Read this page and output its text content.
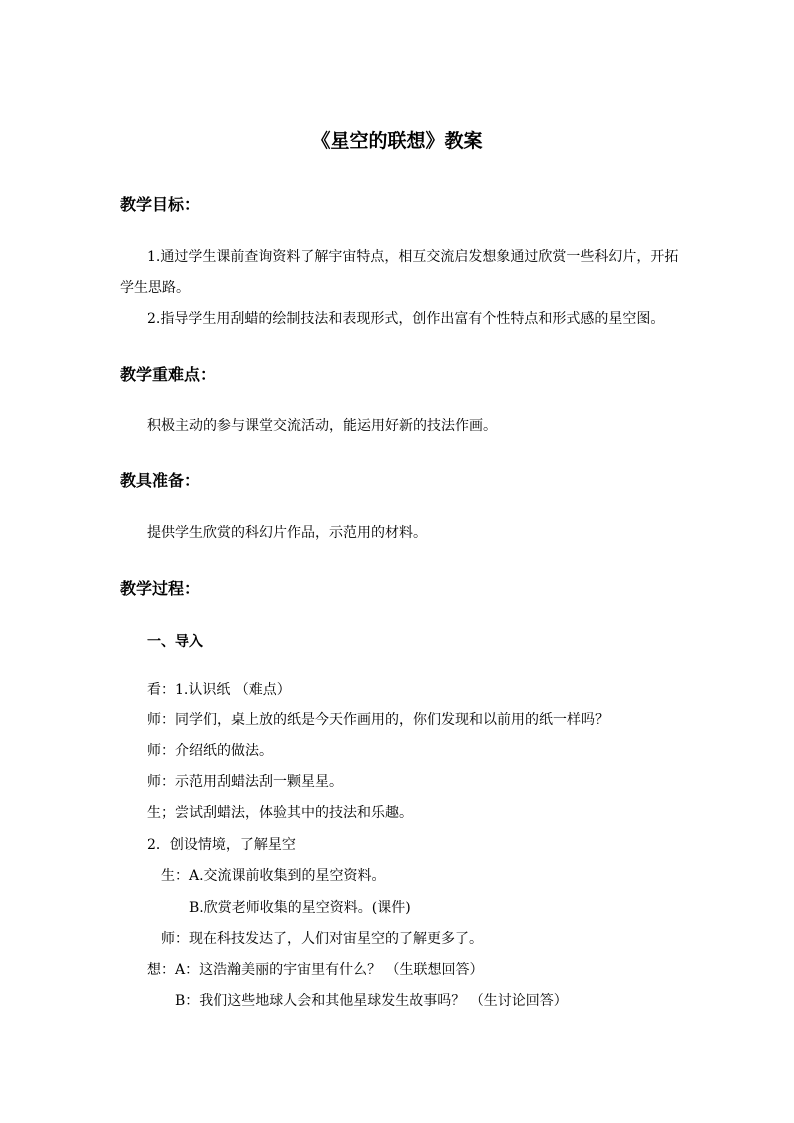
《星空的联想》教案
教学目标：
1.通过学生课前查询资料了解宇宙特点，相互交流启发想象通过欣赏一些科幻片，开拓
学生思路。
2.指导学生用刮蜡的绘制技法和表现形式，创作出富有个性特点和形式感的星空图。
教学重难点：
积极主动的参与课堂交流活动，能运用好新的技法作画。
教具准备：
提供学生欣赏的科幻片作品，示范用的材料。
教学过程：
一、导入
看：1.认识纸 （难点）
师：同学们，桌上放的纸是今天作画用的，你们发现和以前用的纸一样吗？
师：介绍纸的做法。
师：示范用刮蜡法刮一颗星星。
生；尝试刮蜡法，体验其中的技法和乐趣。
2．创设情境，了解星空
生：A.交流课前收集到的星空资料。
B.欣赏老师收集的星空资料。(课件)
师：现在科技发达了，人们对宙星空的了解更多了。
想：A：这浩瀚美丽的宇宙里有什么？ （生联想回答）
B：我们这些地球人会和其他星球发生故事吗？ （生讨论回答）
